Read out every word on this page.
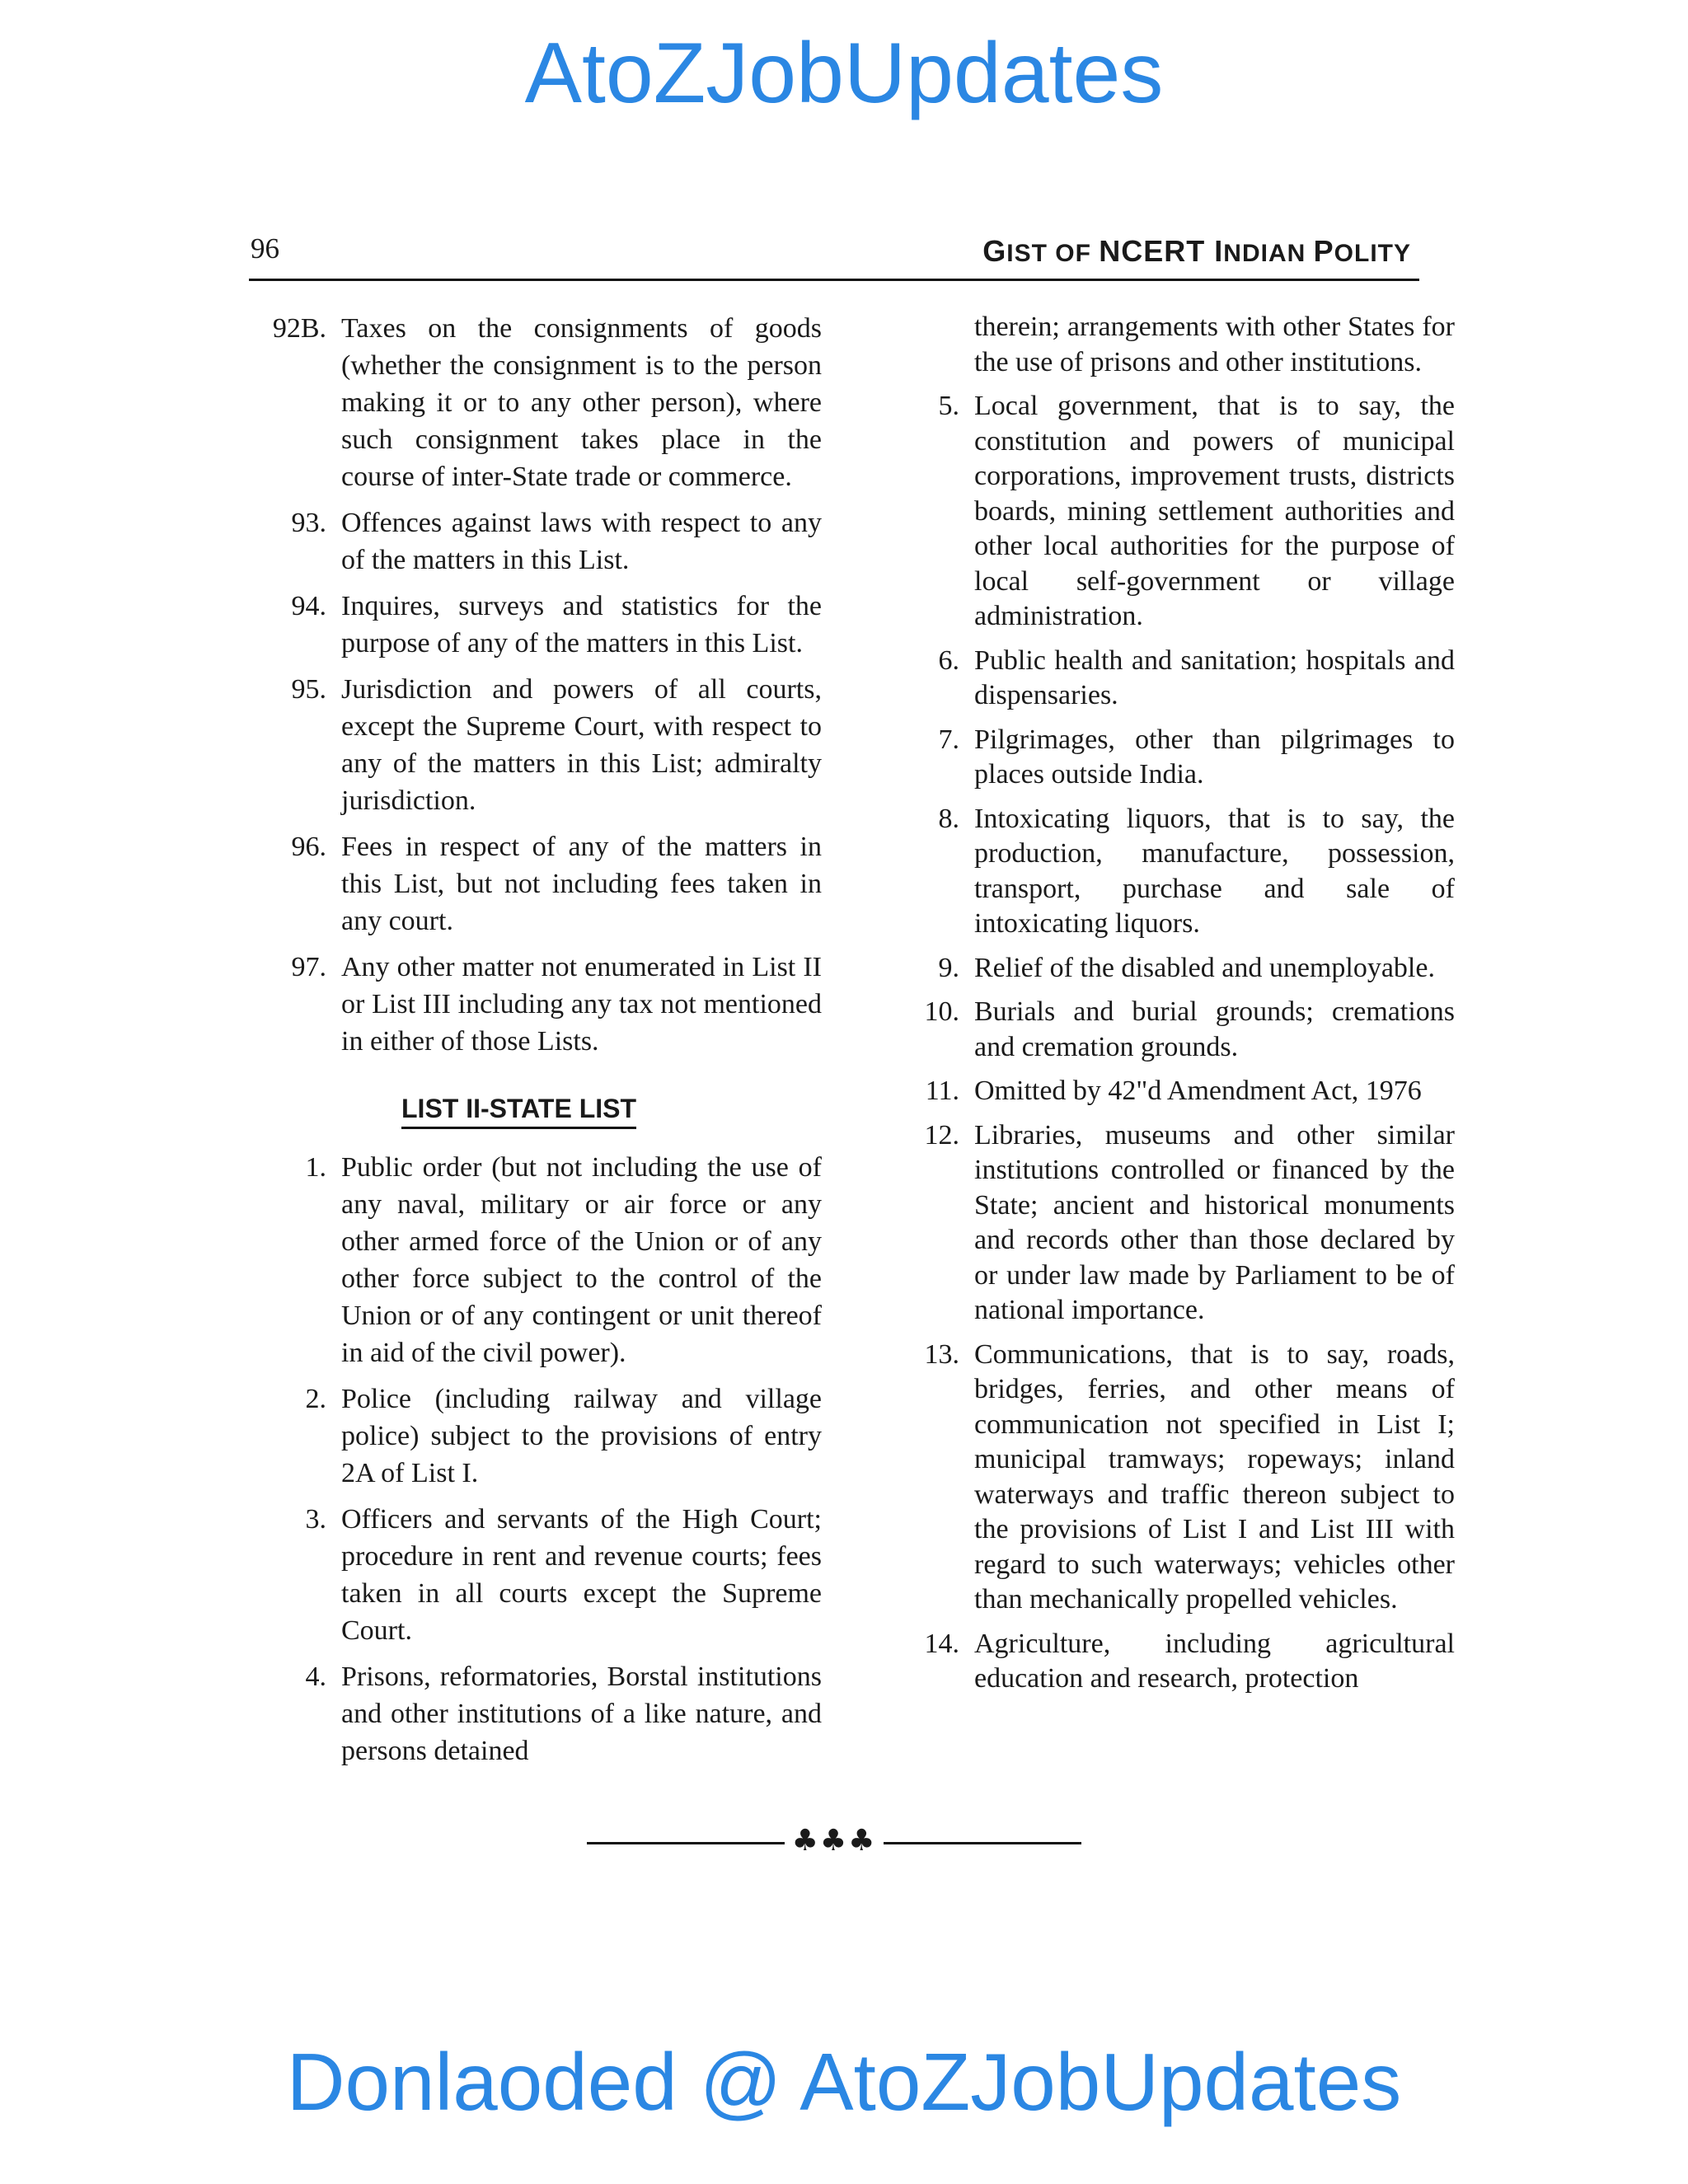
AtoZJobUpdates
96	GIST OF NCERT INDIAN POLITY
92B. Taxes on the consignments of goods (whether the consignment is to the person making it or to any other person), where such consignment takes place in the course of inter-State trade or commerce.
93. Offences against laws with respect to any of the matters in this List.
94. Inquires, surveys and statistics for the purpose of any of the matters in this List.
95. Jurisdiction and powers of all courts, except the Supreme Court, with respect to any of the matters in this List; admiralty jurisdiction.
96. Fees in respect of any of the matters in this List, but not including fees taken in any court.
97. Any other matter not enumerated in List II or List III including any tax not mentioned in either of those Lists.
LIST II-STATE LIST
1. Public order (but not including the use of any naval, military or air force or any other armed force of the Union or of any other force subject to the control of the Union or of any contingent or unit thereof in aid of the civil power).
2. Police (including railway and village police) subject to the provisions of entry 2A of List I.
3. Officers and servants of the High Court; procedure in rent and revenue courts; fees taken in all courts except the Supreme Court.
4. Prisons, reformatories, Borstal institutions and other institutions of a like nature, and persons detained
therein; arrangements with other States for the use of prisons and other institutions.
5. Local government, that is to say, the constitution and powers of municipal corporations, improvement trusts, districts boards, mining settlement authorities and other local authorities for the purpose of local self-government or village administration.
6. Public health and sanitation; hospitals and dispensaries.
7. Pilgrimages, other than pilgrimages to places outside India.
8. Intoxicating liquors, that is to say, the production, manufacture, possession, transport, purchase and sale of intoxicating liquors.
9. Relief of the disabled and unemployable.
10. Burials and burial grounds; cremations and cremation grounds.
11. Omitted by 42"d Amendment Act, 1976
12. Libraries, museums and other similar institutions controlled or financed by the State; ancient and historical monuments and records other than those declared by or under law made by Parliament to be of national importance.
13. Communications, that is to say, roads, bridges, ferries, and other means of communication not specified in List I; municipal tramways; ropeways; inland waterways and traffic thereon subject to the provisions of List I and List III with regard to such waterways; vehicles other than mechanically propelled vehicles.
14. Agriculture, including agricultural education and research, protection
♣♣♣
Donlaoded @ AtoZJobUpdates
